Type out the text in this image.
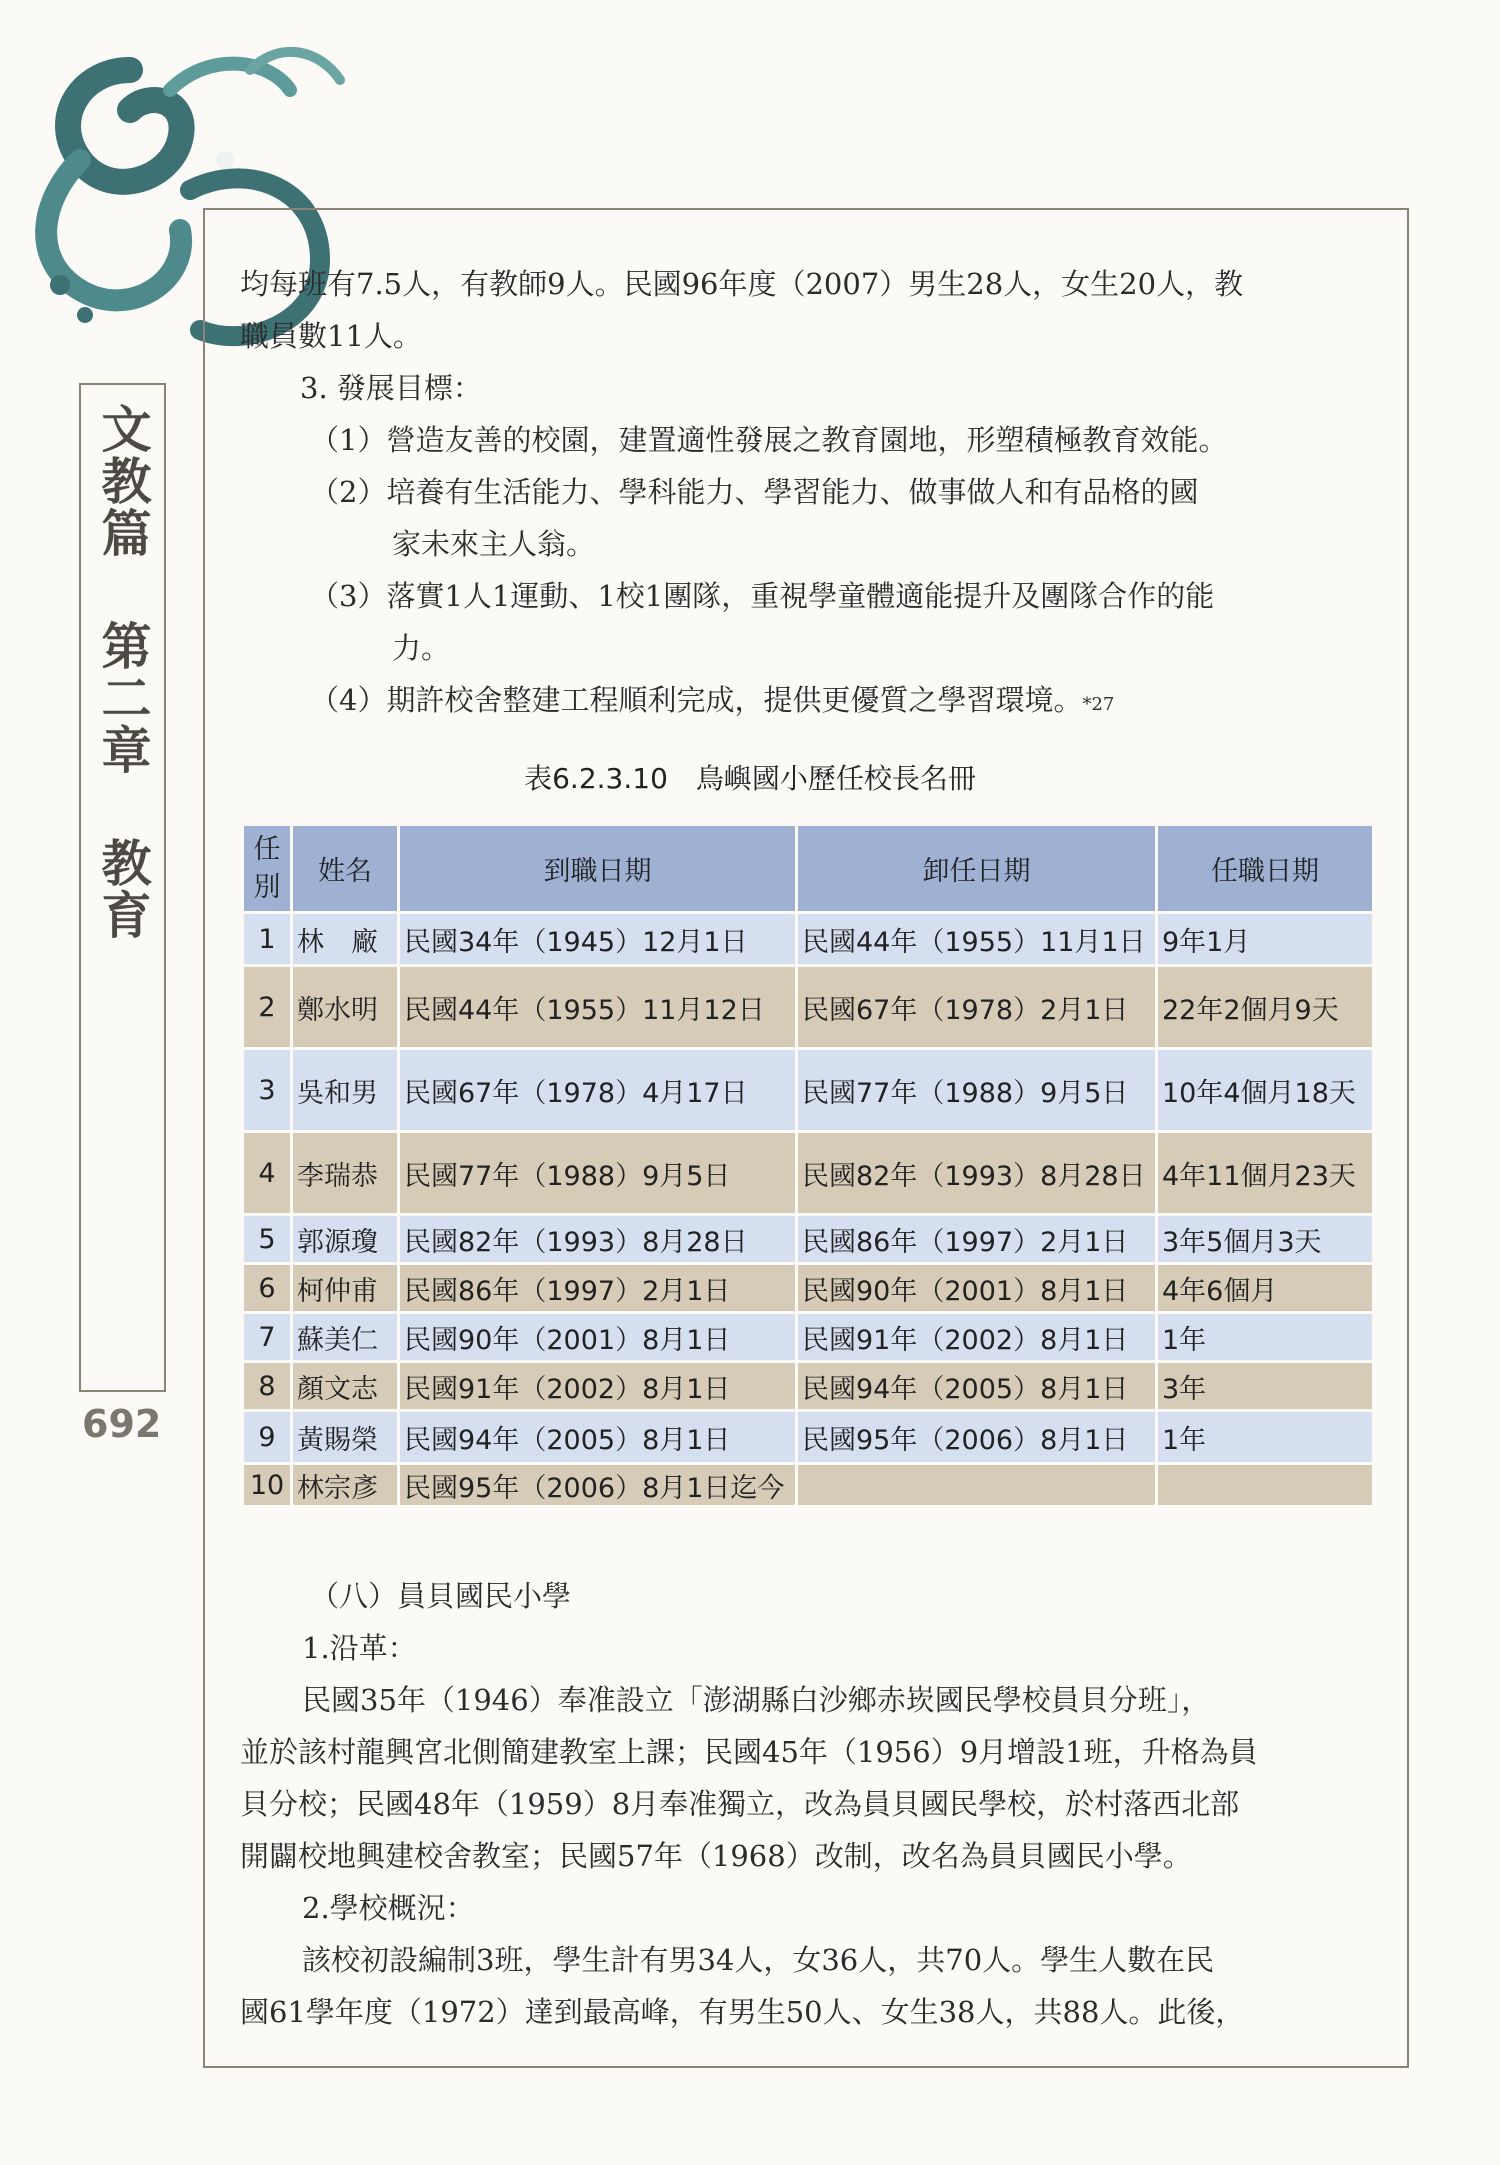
文教篇 第二章 教育
692

均每班有7.5人，有教師9人。民國96年度（2007）男生28人，女生20人，教

職員數11人。

3. 發展目標：

（1）營造友善的校園，建置適性發展之教育園地，形塑積極教育效能。

（2）培養有生活能力、學科能力、學習能力、做事做人和有品格的國

家未來主人翁。

（3）落實1人1運動、1校1團隊，重視學童體適能提升及團隊合作的能

力。

（4）期許校舍整建工程順利完成，提供更優質之學習環境。*27

表6.2.3.10　鳥嶼國小歷任校長名冊
任別	姓名	到職日期	卸任日期	任職日期
1	林　廠	民國34年（1945）12月1日	民國44年（1955）11月1日	9年1月
2	鄭水明	民國44年（1955）11月12日	民國67年（1978）2月1日	22年2個月9天
3	吳和男	民國67年（1978）4月17日	民國77年（1988）9月5日	10年4個月18天
4	李瑞恭	民國77年（1988）9月5日	民國82年（1993）8月28日	4年11個月23天
5	郭源瓊	民國82年（1993）8月28日	民國86年（1997）2月1日	3年5個月3天
6	柯仲甫	民國86年（1997）2月1日	民國90年（2001）8月1日	4年6個月
7	蘇美仁	民國90年（2001）8月1日	民國91年（2002）8月1日	1年
8	顏文志	民國91年（2002）8月1日	民國94年（2005）8月1日	3年
9	黃賜榮	民國94年（2005）8月1日	民國95年（2006）8月1日	1年
10	林宗彥	民國95年（2006）8月1日迄今		

（八）員貝國民小學

1.沿革：

民國35年（1946）奉准設立「澎湖縣白沙鄉赤崁國民學校員貝分班」，

並於該村龍興宮北側簡建教室上課；民國45年（1956）9月增設1班，升格為員

貝分校；民國48年（1959）8月奉准獨立，改為員貝國民學校，於村落西北部

開闢校地興建校舍教室；民國57年（1968）改制，改名為員貝國民小學。

2.學校概況：

該校初設編制3班，學生計有男34人，女36人，共70人。學生人數在民

國61學年度（1972）達到最高峰，有男生50人、女生38人，共88人。此後，
